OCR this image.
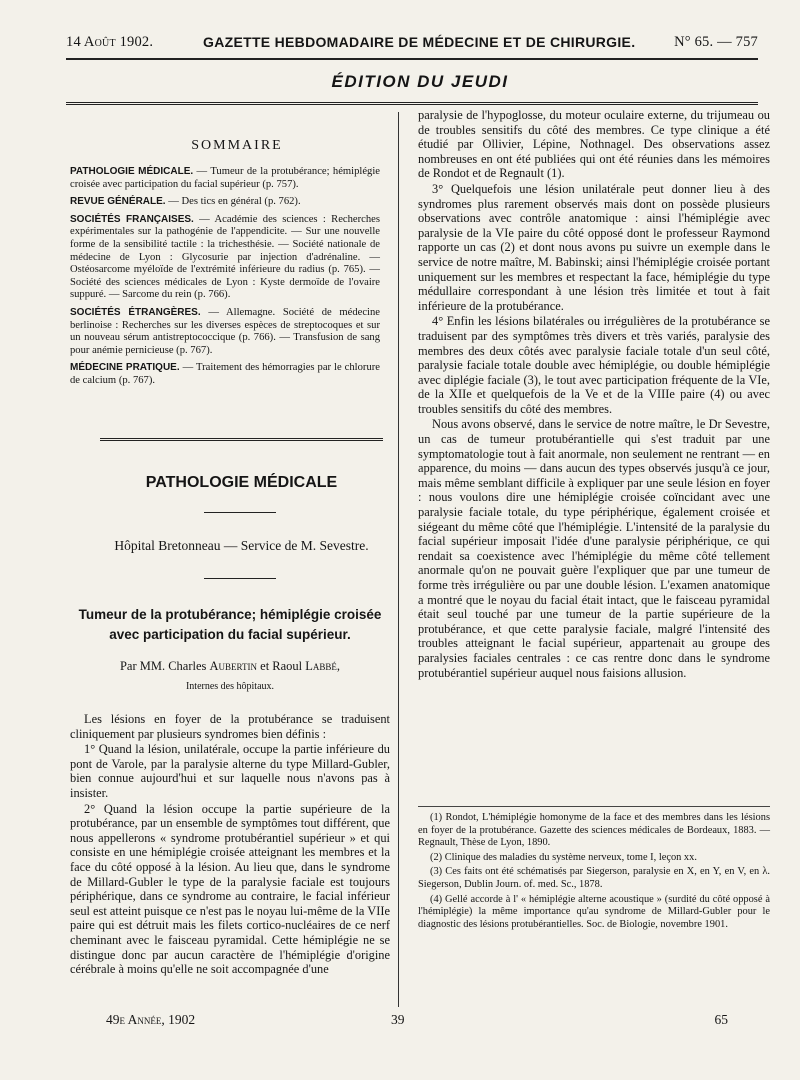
14 Août 1902.	GAZETTE HEBDOMADAIRE DE MÉDECINE ET DE CHIRURGIE.	N° 65. — 757
ÉDITION DU JEUDI
SOMMAIRE
PATHOLOGIE MÉDICALE. — Tumeur de la protubérance; hémiplégie croisée avec participation du facial supérieur (p. 757).
REVUE GÉNÉRALE. — Des tics en général (p. 762).
SOCIÉTÉS FRANÇAISES. — Académie des sciences : Recherches expérimentales sur la pathogénie de l'appendicite. — Sur une nouvelle forme de la sensibilité tactile : la trichesthésie. — Société nationale de médecine de Lyon : Glycosurie par injection d'adrénaline. — Ostéosarcome myéloïde de l'extrémité inférieure du radius (p. 765). — Société des sciences médicales de Lyon : Kyste dermoïde de l'ovaire suppuré. — Sarcome du rein (p. 766).
SOCIÉTÉS ÉTRANGÈRES. — Allemagne. Société de médecine berlinoise : Recherches sur les diverses espèces de streptocoques et sur un nouveau sérum antistreptococcique (p. 766). — Transfusion de sang pour anémie pernicieuse (p. 767).
MÉDECINE PRATIQUE. — Traitement des hémorragies par le chlorure de calcium (p. 767).
PATHOLOGIE MÉDICALE
Hôpital Bretonneau — Service de M. Sevestre.
Tumeur de la protubérance; hémiplégie croisée
avec participation du facial supérieur.
Par MM. Charles Aubertin et Raoul Labbé,
Internes des hôpitaux.

Les lésions en foyer de la protubérance se traduisent cliniquement par plusieurs syndromes bien définis :

1° Quand la lésion, unilatérale, occupe la partie inférieure du pont de Varole, par la paralysie alterne du type Millard-Gubler, bien connue aujourd'hui et sur laquelle nous n'avons pas à insister.

2° Quand la lésion occupe la partie supérieure de la protubérance, par un ensemble de symptômes tout différent, que nous appellerons « syndrome protubérantiel supérieur » et qui consiste en une hémiplégie croisée atteignant les membres et la face du côté opposé à la lésion. Au lieu que, dans le syndrome de Millard-Gubler le type de la paralysie faciale est toujours périphérique, dans ce syndrome au contraire, le facial inférieur seul est atteint puisque ce n'est pas le noyau lui-même de la VIIe paire qui est détruit mais les filets cortico-nucléaires de ce nerf cheminant avec le faisceau pyramidal. Cette hémiplégie ne se distingue donc par aucun caractère de l'hémiplégie d'origine cérébrale à moins qu'elle ne soit accompagnée d'une

paralysie de l'hypoglosse, du moteur oculaire externe, du trijumeau ou de troubles sensitifs du côté des membres. Ce type clinique a été étudié par Ollivier, Lépine, Nothnagel. Des observations assez nombreuses en ont été publiées qui ont été réunies dans les mémoires de Rondot et de Regnault (1).

3° Quelquefois une lésion unilatérale peut donner lieu à des syndromes plus rarement observés mais dont on possède plusieurs observations avec contrôle anatomique : ainsi l'hémiplégie avec paralysie de la VIe paire du côté opposé dont le professeur Raymond rapporte un cas (2) et dont nous avons pu suivre un exemple dans le service de notre maître, M. Babinski; ainsi l'hémiplégie croisée portant uniquement sur les membres et respectant la face, hémiplégie du type médullaire correspondant à une lésion très limitée et tout à fait inférieure de la protubérance.

4° Enfin les lésions bilatérales ou irrégulières de la protubérance se traduisent par des symptômes très divers et très variés, paralysie des membres des deux côtés avec paralysie faciale totale d'un seul côté, paralysie faciale totale double avec hémiplégie, ou double hémiplégie avec diplégie faciale (3), le tout avec participation fréquente de la VIe, de la XIIe et quelquefois de la Ve et de la VIIIe paire (4) ou avec troubles sensitifs du côté des membres.

Nous avons observé, dans le service de notre maître, le Dr Sevestre, un cas de tumeur protubérantielle qui s'est traduit par une symptomatologie tout à fait anormale, non seulement ne rentrant — en apparence, du moins — dans aucun des types observés jusqu'à ce jour, mais même semblant difficile à expliquer par une seule lésion en foyer : nous voulons dire une hémiplégie croisée coïncidant avec une paralysie faciale totale, du type périphérique, également croisée et siégeant du même côté que l'hémiplégie. L'intensité de la paralysie du facial supérieur imposait l'idée d'une paralysie périphérique, ce qui rendait sa coexistence avec l'hémiplégie du même côté tellement anormale qu'on ne pouvait guère l'expliquer que par une tumeur de forme très irrégulière ou par une double lésion. L'examen anatomique a montré que le noyau du facial était intact, que le faisceau pyramidal était seul touché par une tumeur de la partie supérieure de la protubérance, et que cette paralysie faciale, malgré l'intensité des troubles atteignant le facial supérieur, appartenait au groupe des paralysies faciales centrales : ce cas rentre donc dans le syndrome protubérantiel supérieur auquel nous faisions allusion.

(1) Rondot, L'hémiplégie homonyme de la face et des membres dans les lésions en foyer de la protubérance. Gazette des sciences médicales de Bordeaux, 1883. — Regnault, Thèse de Lyon, 1890.
(2) Clinique des maladies du système nerveux, tome I, leçon xx.
(3) Ces faits ont été schématisés par Siegerson, paralysie en X, en Y, en V, en λ. Siegerson, Dublin Journ. of. med. Sc., 1878.
(4) Gellé accorde à l' « hémiplégie alterne acoustique » (surdité du côté opposé à l'hémiplégie) la même importance qu'au syndrome de Millard-Gubler pour le diagnostic des lésions protubérantielles. Soc. de Biologie, novembre 1901.
49e Année, 1902	39	65
